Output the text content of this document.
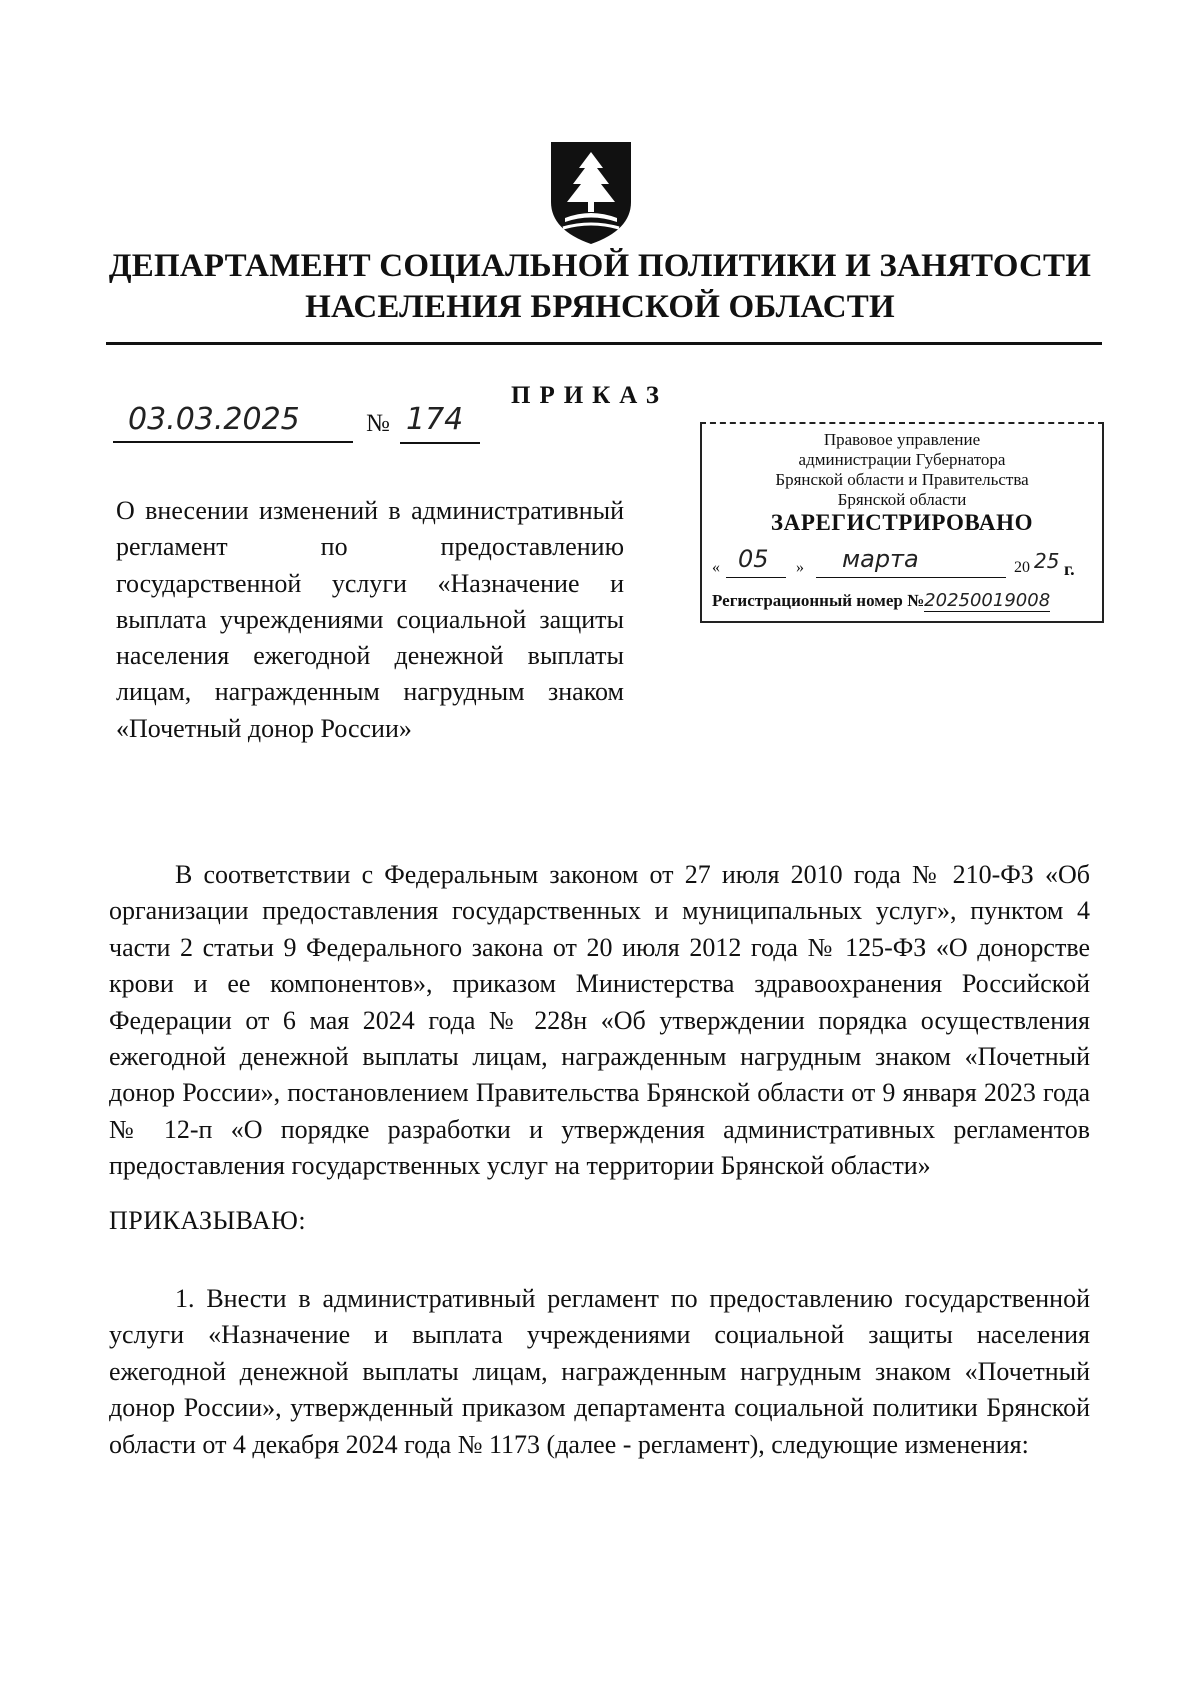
ДЕПАРТАМЕНТ СОЦИАЛЬНОЙ ПОЛИТИКИ И ЗАНЯТОСТИ
НАСЕЛЕНИЯ БРЯНСКОЙ ОБЛАСТИ
ПРИКАЗ
03.03.2025	№ 174
О внесении изменений в административный регламент по предоставлению государственной услуги «Назначение и выплата учреждениями социальной защиты населения ежегодной денежной выплаты лицам, награжденным нагрудным знаком «Почетный донор России»
Правовое управление
администрации Губернатора
Брянской области и Правительства
Брянской области
ЗАРЕГИСТРИРОВАНО
« 05 » марта	20 25 г.
Регистрационный номер №20250019008
В соответствии с Федеральным законом от 27 июля 2010 года № 210-ФЗ «Об организации предоставления государственных и муниципальных услуг», пунктом 4 части 2 статьи 9 Федерального закона от 20 июля 2012 года № 125-ФЗ «О донорстве крови и ее компонентов», приказом Министерства здравоохранения Российской Федерации от 6 мая 2024 года № 228н «Об утверждении порядка осуществления ежегодной денежной выплаты лицам, награжденным нагрудным знаком «Почетный донор России», постановлением Правительства Брянской области от 9 января 2023 года № 12-п «О порядке разработки и утверждения административных регламентов предоставления государственных услуг на территории Брянской области»
ПРИКАЗЫВАЮ:
1. Внести в административный регламент по предоставлению государственной услуги «Назначение и выплата учреждениями социальной защиты населения ежегодной денежной выплаты лицам, награжденным нагрудным знаком «Почетный донор России», утвержденный приказом департамента социальной политики Брянской области от 4 декабря 2024 года № 1173 (далее - регламент), следующие изменения:
